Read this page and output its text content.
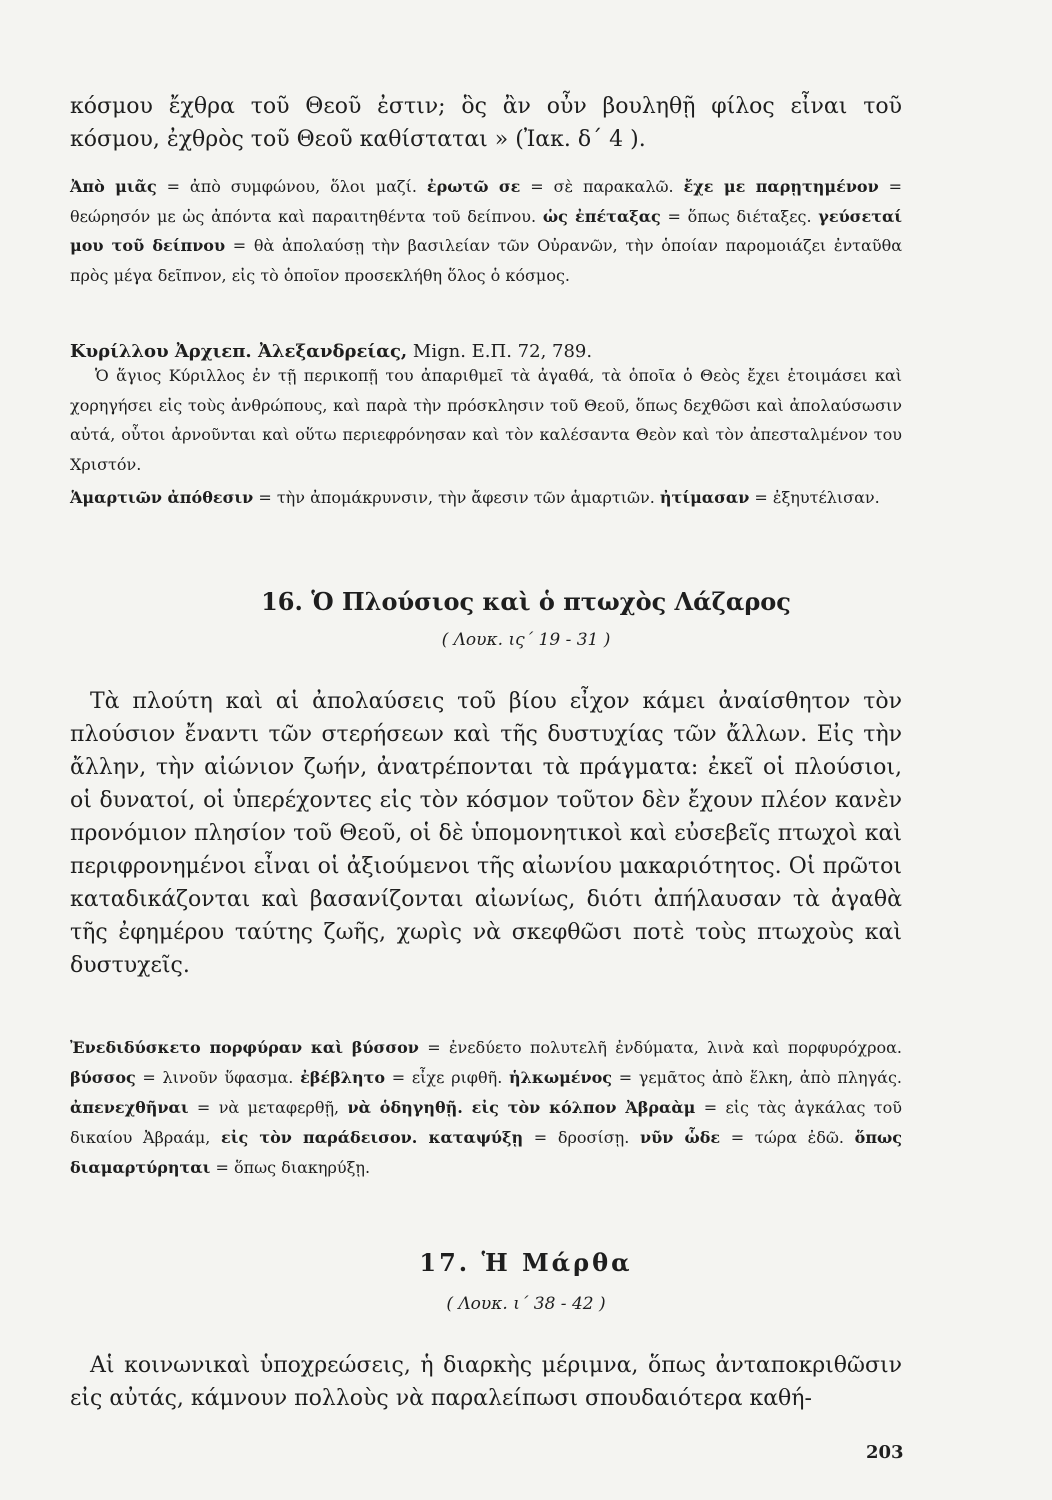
κόσμου ἔχθρα τοῦ Θεοῦ ἐστιν; ὃς ἂν οὖν βουληθῇ φίλος εἶναι τοῦ κόσμου, ἐχθρὸς τοῦ Θεοῦ καθίσταται » (Ἰακ. δ΄ 4 ).

Ἀπὸ μιᾶς = ἀπὸ συμφώνου, ὅλοι μαζί. ἐρωτῶ σε = σὲ παρακαλῶ. ἔχε με παρῃτημένον = θεώρησόν με ὡς ἀπόντα καὶ παραιτηθέντα τοῦ δείπνου. ὡς ἐπέταξας = ὅπως διέταξες. γεύσεταί μου τοῦ δείπνου = θὰ ἀπολαύσῃ τὴν βασιλείαν τῶν Οὐρανῶν, τὴν ὁποίαν παρομοιάζει ἐνταῦθα πρὸς μέγα δεῖπνον, εἰς τὸ ὁποῖον προσεκλήθη ὅλος ὁ κόσμος.

Κυρίλλου Ἀρχιεπ. Ἀλεξανδρείας, Mign. E.Π. 72, 789.

Ὁ ἅγιος Κύριλλος ἐν τῇ περικοπῇ του ἀπαριθμεῖ τὰ ἀγαθά, τὰ ὁποῖα ὁ Θεὸς ἔχει ἑτοιμάσει καὶ χορηγήσει εἰς τοὺς ἀνθρώπους, καὶ παρὰ τὴν πρόσκλησιν τοῦ Θεοῦ, ὅπως δεχθῶσι καὶ ἀπολαύσωσιν αὐτά, οὗτοι ἀρνοῦνται καὶ οὕτω περιεφρόνησαν καὶ τὸν καλέσαντα Θεὸν καὶ τὸν ἀπεσταλμένον του Χριστόν.

Ἁμαρτιῶν ἀπόθεσιν = τὴν ἀπομάκρυνσιν, τὴν ἄφεσιν τῶν ἁμαρτιῶν. ἠτίμασαν = ἐξηυτέλισαν.

16. Ὁ Πλούσιος καὶ ὁ πτωχὸς Λάζαρος

( Λουκ. ις΄ 19 - 31 )

Τὰ πλούτη καὶ αἱ ἀπολαύσεις τοῦ βίου εἶχον κάμει ἀναίσθητον τὸν πλούσιον ἔναντι τῶν στερήσεων καὶ τῆς δυστυχίας τῶν ἄλλων. Εἰς τὴν ἄλλην, τὴν αἰώνιον ζωήν, ἀνατρέπονται τὰ πράγματα: ἐκεῖ οἱ πλούσιοι, οἱ δυνατοί, οἱ ὑπερέχοντες εἰς τὸν κόσμον τοῦτον δὲν ἔχουν πλέον κανὲν προνόμιον πλησίον τοῦ Θεοῦ, οἱ δὲ ὑπομονητικοὶ καὶ εὐσεβεῖς πτωχοὶ καὶ περιφρονημένοι εἶναι οἱ ἀξιούμενοι τῆς αἰωνίου μακαριότητος. Οἱ πρῶτοι καταδικάζονται καὶ βασανίζονται αἰωνίως, διότι ἀπήλαυσαν τὰ ἀγαθὰ τῆς ἐφημέρου ταύτης ζωῆς, χωρὶς νὰ σκεφθῶσι ποτὲ τοὺς πτωχοὺς καὶ δυστυχεῖς.

Ἐνεδιδύσκετο πορφύραν καὶ βύσσον = ἐνεδύετο πολυτελῆ ἐνδύματα, λινὰ καὶ πορφυρόχροα. βύσσος = λινοῦν ὕφασμα. ἐβέβλητο = εἶχε ριφθῆ. ἡλκωμένος = γεμᾶτος ἀπὸ ἕλκη, ἀπὸ πληγάς. ἀπενεχθῆναι = νὰ μεταφερθῇ, νὰ ὁδηγηθῇ. εἰς τὸν κόλπον Ἀβραὰμ = εἰς τὰς ἀγκάλας τοῦ δικαίου Ἀβραάμ, εἰς τὸν παράδεισον. καταψύξῃ = δροσίσῃ. νῦν ὧδε = τώρα ἐδῶ. ὅπως διαμαρτύρηται = ὅπως διακηρύξῃ.

17. Ἡ Μάρθα

( Λουκ. ι΄ 38 - 42 )

Αἱ κοινωνικαὶ ὑποχρεώσεις, ἡ διαρκὴς μέριμνα, ὅπως ἀνταποκριθῶσιν εἰς αὐτάς, κάμνουν πολλοὺς νὰ παραλείπωσι σπουδαιότερα καθή-

203
